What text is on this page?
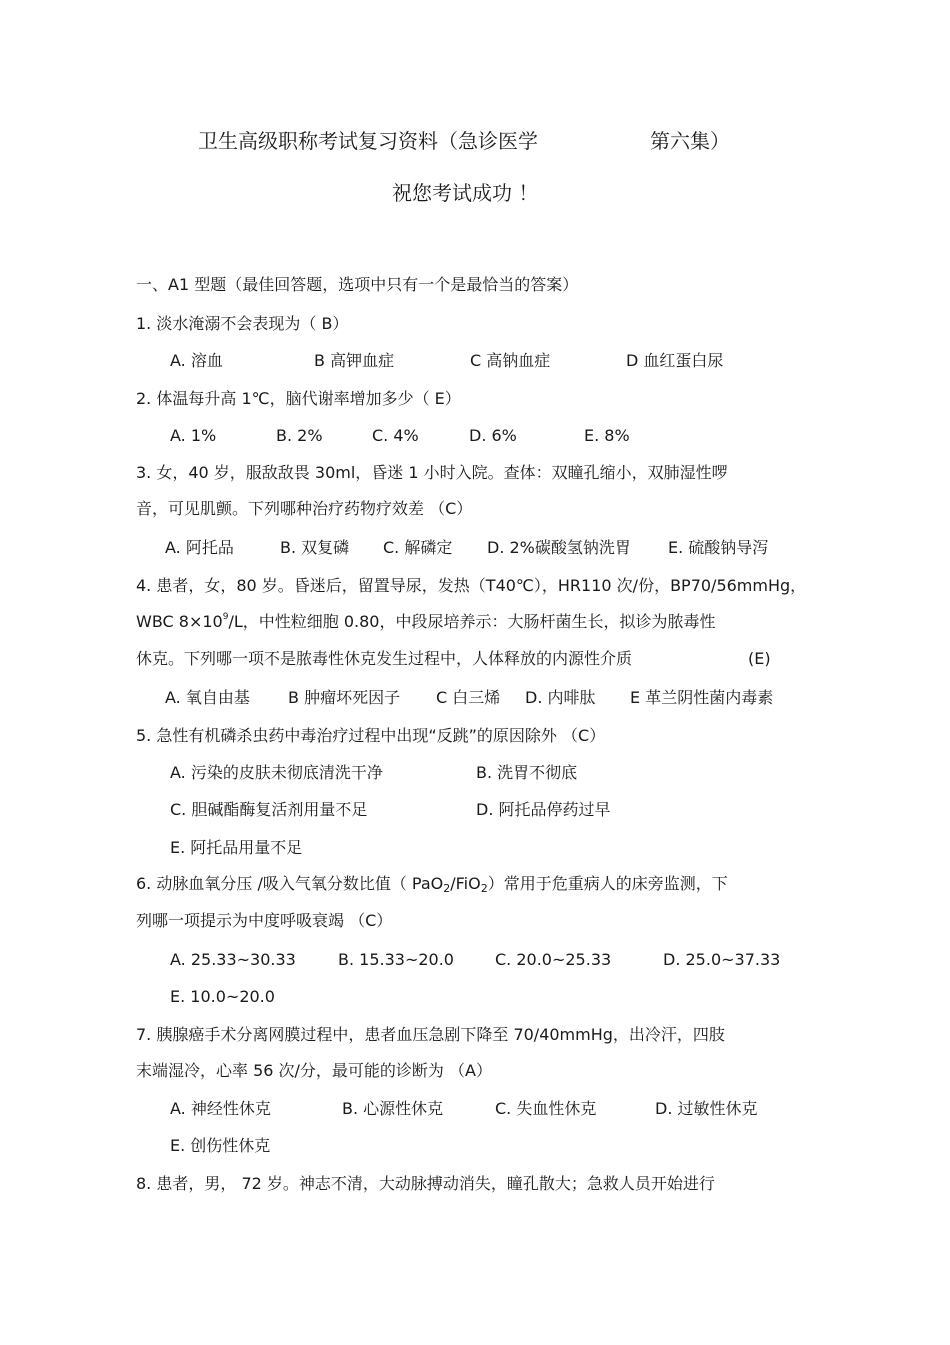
卫生高级职称考试复习资料（急诊医学	第六集）
祝您考试成功 ！
一、A1 型题（最佳回答题，选项中只有一个是最恰当的答案）
1. 淡水淹溺不会表现为（ B）
A. 溶血	B 高钾血症	C 高钠血症	D 血红蛋白尿
2. 体温每升高 1℃，脑代谢率增加多少（ E）
A. 1%	B. 2%	C. 4%	D. 6%	E. 8%
3. 女，40 岁，服敌敌畏 30ml，昏迷 1 小时入院。查体：双瞳孔缩小，双肺湿性啰
音，可见肌颤。下列哪种治疗药物疗效差 （C）
A. 阿托品	B. 双复磷 C. 解磷定 D. 2%碳酸氢钠洗胃 E. 硫酸钠导泻
4. 患者，女，80 岁。昏迷后，留置导尿，发热（T40℃），HR110 次/份，BP70/56mmHg，
WBC $8\times 10^9/L$，中性粒细胞 0.80，中段尿培养示：大肠杆菌生长，拟诊为脓毒性
休克。下列哪一项不是脓毒性休克发生过程中，人体释放的内源性介质	(E)
A. 氧自由基 B 肿瘤坏死因子 C 白三烯 D. 内啡肽 E 革兰阴性菌内毒素
5. 急性有机磷杀虫药中毒治疗过程中出现“反跳”的原因除外 （C）
A. 污染的皮肤未彻底清洗干净	B. 洗胃不彻底
C. 胆碱酯酶复活剂用量不足	D. 阿托品停药过早
E. 阿托品用量不足
6. 动脉血氧分压 /吸入气氧分数比值（ PaO$_2$/FiO$_2$）常用于危重病人的床旁监测，下
列哪一项提示为中度呼吸衰竭 （C）
A. 25.33~30.33	B. 15.33~20.0	C. 20.0~25.33	D. 25.0~37.33
E. 10.0~20.0
7. 胰腺癌手术分离网膜过程中，患者血压急剧下降至 70/40mmHg，出冷汗，四肢
末端湿冷，心率 56 次/分，最可能的诊断为 （A）
A. 神经性休克	B. 心源性休克	C. 失血性休克	D. 过敏性休克
E. 创伤性休克
8. 患者，男， 72 岁。神志不清，大动脉搏动消失，瞳孔散大；急救人员开始进行
